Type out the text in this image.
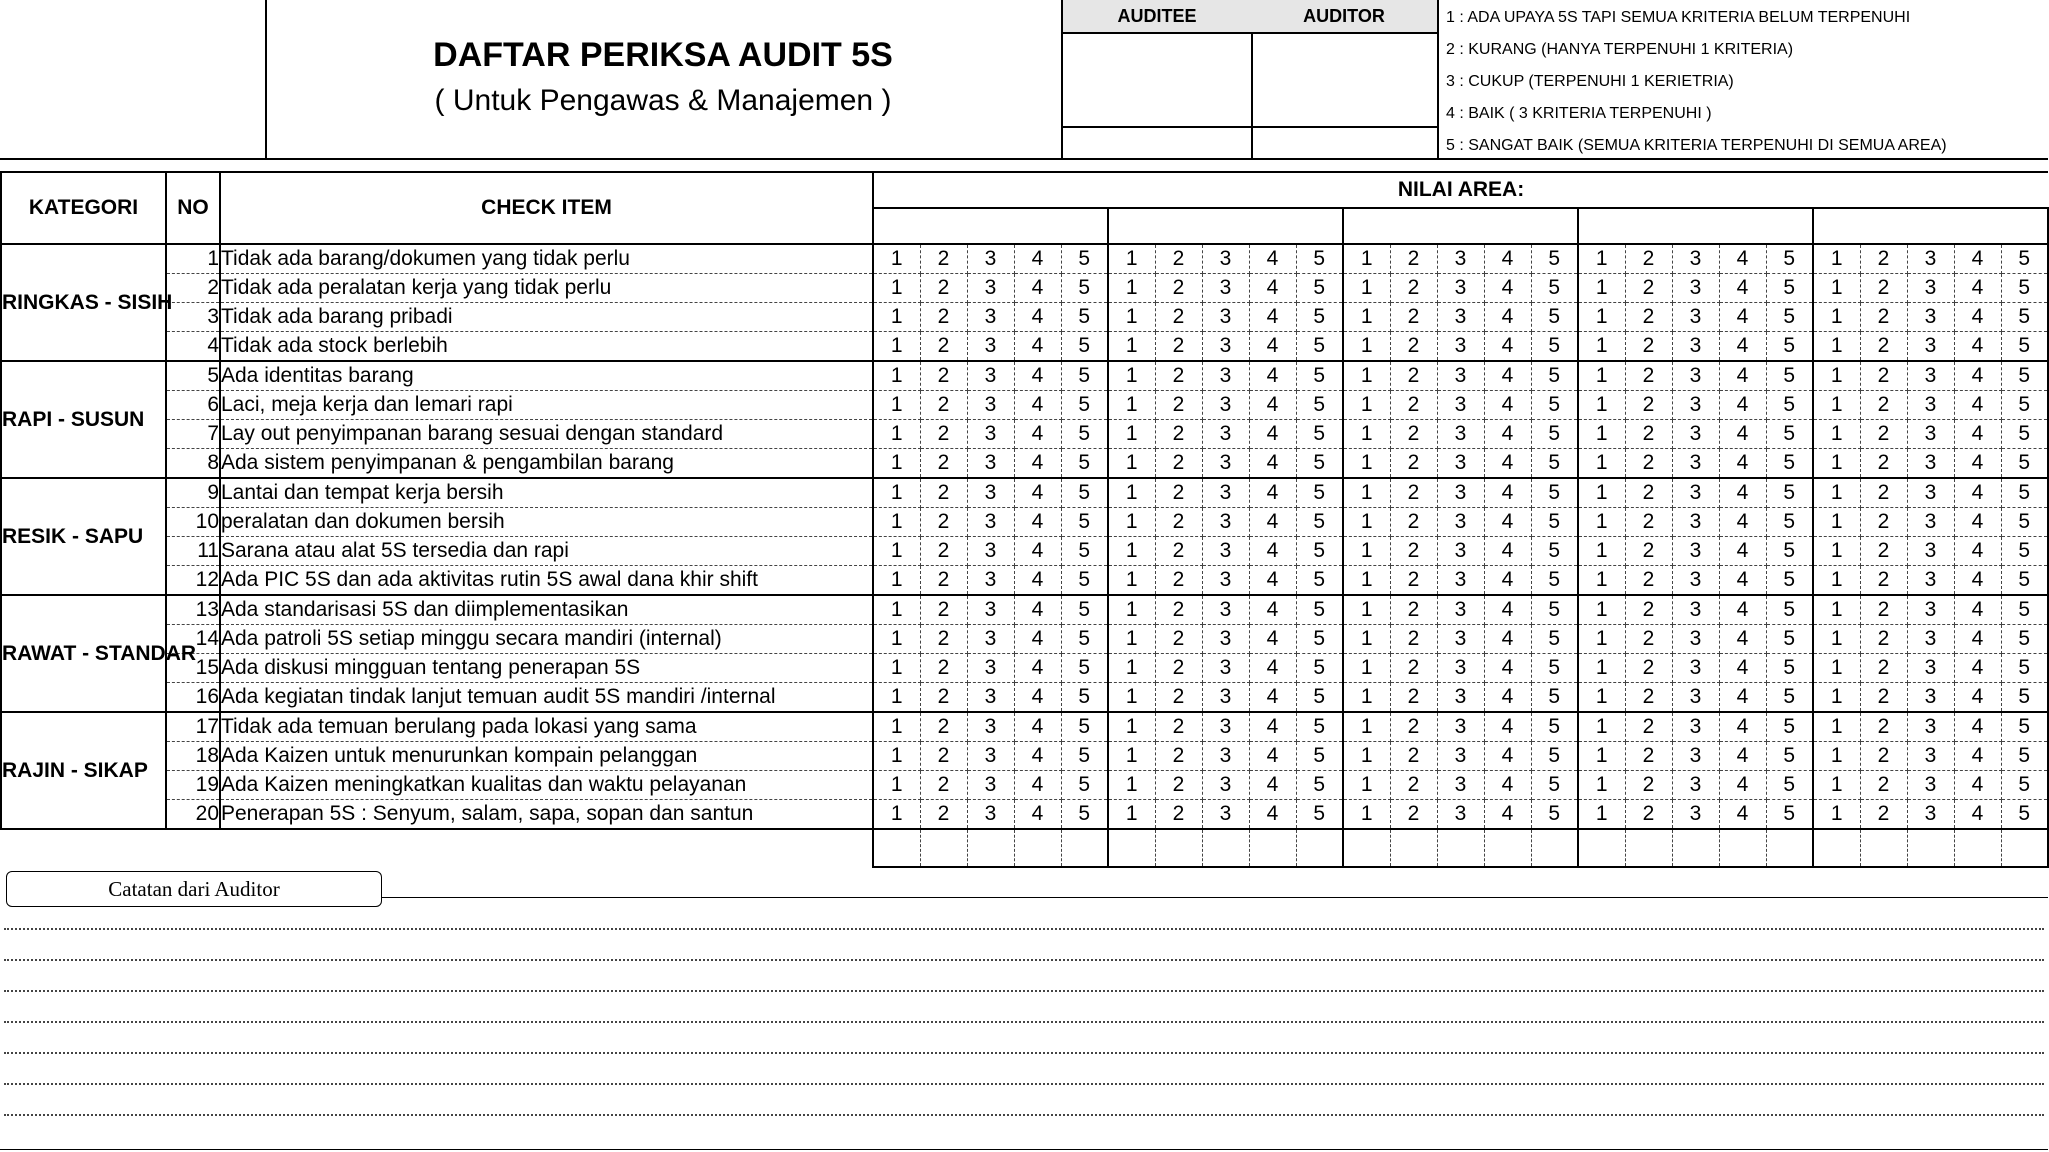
DAFTAR PERIKSA AUDIT 5S
( Untuk Pengawas & Manajemen )
AUDITEE	AUDITOR	1 : ADA UPAYA 5S TAPI SEMUA KRITERIA BELUM TERPENUHI
2 : KURANG (HANYA TERPENUHI 1 KRITERIA)
3 : CUKUP (TERPENUHI 1 KERIETRIA)
4 : BAIK ( 3 KRITERIA TERPENUHI )
5 : SANGAT BAIK (SEMUA KRITERIA TERPENUHI DI SEMUA AREA)
KATEGORI	NO	CHECK ITEM	NILAI AREA:																								

RINGKAS - SISIH	1	Tidak ada barang/dokumen yang tidak perlu	1	2	3	4	5	1	2	3	4	5	1	2	3	4	5	1	2	3	4	5	1	2	3	4	5
	2	Tidak ada peralatan kerja yang tidak perlu	1	2	3	4	5	1	2	3	4	5	1	2	3	4	5	1	2	3	4	5	1	2	3	4	5
	3	Tidak ada barang pribadi	1	2	3	4	5	1	2	3	4	5	1	2	3	4	5	1	2	3	4	5	1	2	3	4	5
	4	Tidak ada stock berlebih	1	2	3	4	5	1	2	3	4	5	1	2	3	4	5	1	2	3	4	5	1	2	3	4	5
RAPI - SUSUN	5	Ada identitas barang	1	2	3	4	5	1	2	3	4	5	1	2	3	4	5	1	2	3	4	5	1	2	3	4	5
	6	Laci, meja kerja dan lemari rapi	1	2	3	4	5	1	2	3	4	5	1	2	3	4	5	1	2	3	4	5	1	2	3	4	5
	7	Lay out penyimpanan barang sesuai dengan standard	1	2	3	4	5	1	2	3	4	5	1	2	3	4	5	1	2	3	4	5	1	2	3	4	5
	8	Ada sistem penyimpanan & pengambilan barang	1	2	3	4	5	1	2	3	4	5	1	2	3	4	5	1	2	3	4	5	1	2	3	4	5
RESIK - SAPU	9	Lantai dan tempat kerja bersih	1	2	3	4	5	1	2	3	4	5	1	2	3	4	5	1	2	3	4	5	1	2	3	4	5
	10	peralatan dan dokumen bersih	1	2	3	4	5	1	2	3	4	5	1	2	3	4	5	1	2	3	4	5	1	2	3	4	5
	11	Sarana atau alat 5S tersedia dan rapi	1	2	3	4	5	1	2	3	4	5	1	2	3	4	5	1	2	3	4	5	1	2	3	4	5
	12	Ada PIC 5S dan ada aktivitas rutin 5S awal dana khir shift	1	2	3	4	5	1	2	3	4	5	1	2	3	4	5	1	2	3	4	5	1	2	3	4	5
RAWAT - STANDAR	13	Ada standarisasi 5S dan diimplementasikan	1	2	3	4	5	1	2	3	4	5	1	2	3	4	5	1	2	3	4	5	1	2	3	4	5
	14	Ada patroli 5S setiap minggu secara mandiri (internal)	1	2	3	4	5	1	2	3	4	5	1	2	3	4	5	1	2	3	4	5	1	2	3	4	5
	15	Ada diskusi mingguan tentang penerapan 5S	1	2	3	4	5	1	2	3	4	5	1	2	3	4	5	1	2	3	4	5	1	2	3	4	5
	16	Ada kegiatan tindak lanjut temuan audit 5S mandiri /internal	1	2	3	4	5	1	2	3	4	5	1	2	3	4	5	1	2	3	4	5	1	2	3	4	5
RAJIN - SIKAP	17	Tidak ada temuan berulang pada lokasi yang sama	1	2	3	4	5	1	2	3	4	5	1	2	3	4	5	1	2	3	4	5	1	2	3	4	5
	18	Ada Kaizen untuk menurunkan kompain pelanggan	1	2	3	4	5	1	2	3	4	5	1	2	3	4	5	1	2	3	4	5	1	2	3	4	5
	19	Ada Kaizen meningkatkan kualitas dan waktu pelayanan	1	2	3	4	5	1	2	3	4	5	1	2	3	4	5	1	2	3	4	5	1	2	3	4	5
	20	Penerapan 5S : Senyum, salam, sapa, sopan dan santun	1	2	3	4	5	1	2	3	4	5	1	2	3	4	5	1	2	3	4	5	1	2	3	4	5

Catatan dari Auditor
